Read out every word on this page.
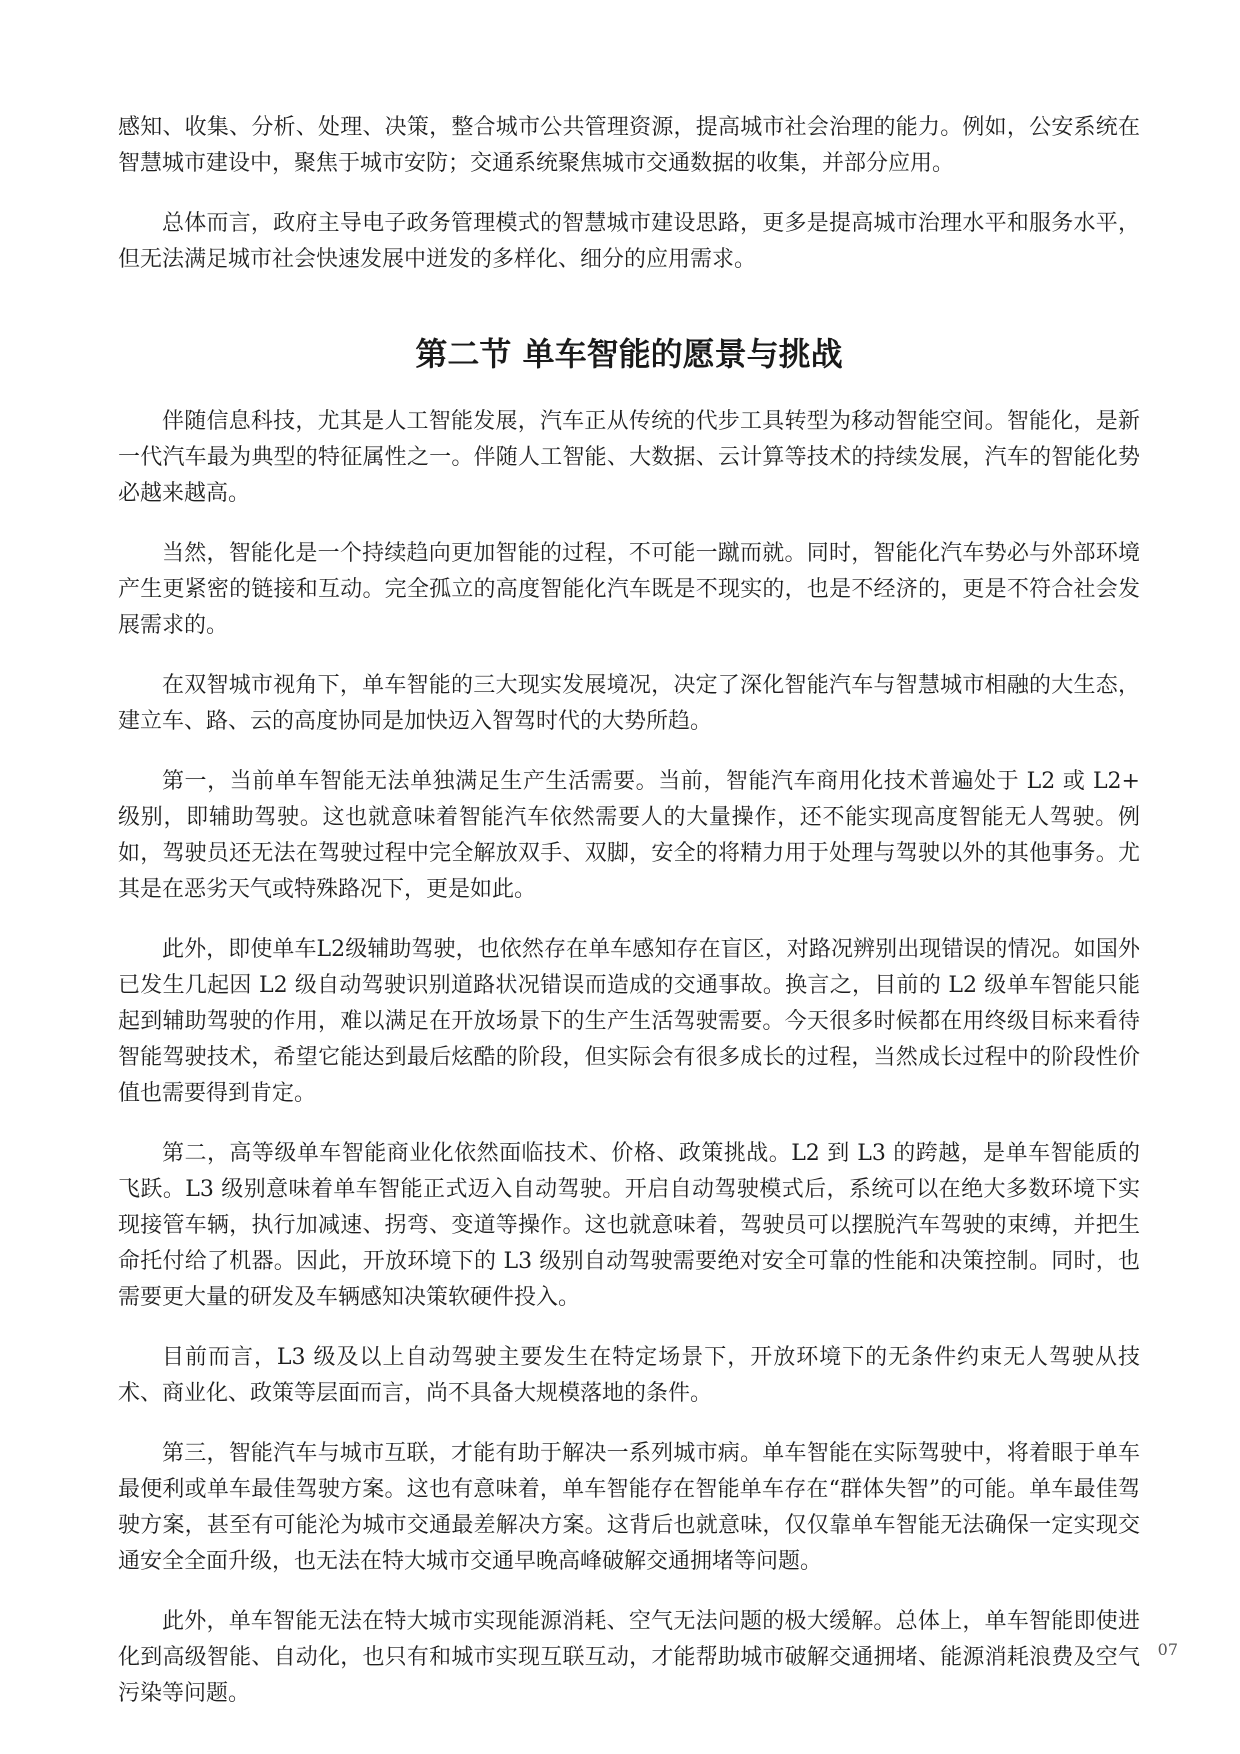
感知、收集、分析、处理、决策，整合城市公共管理资源，提高城市社会治理的能力。例如，公安系统在智慧城市建设中，聚焦于城市安防；交通系统聚焦城市交通数据的收集，并部分应用。

总体而言，政府主导电子政务管理模式的智慧城市建设思路，更多是提高城市治理水平和服务水平，但无法满足城市社会快速发展中迸发的多样化、细分的应用需求。

第二节 单车智能的愿景与挑战

伴随信息科技，尤其是人工智能发展，汽车正从传统的代步工具转型为移动智能空间。智能化，是新一代汽车最为典型的特征属性之一。伴随人工智能、大数据、云计算等技术的持续发展，汽车的智能化势必越来越高。

当然，智能化是一个持续趋向更加智能的过程，不可能一蹴而就。同时，智能化汽车势必与外部环境产生更紧密的链接和互动。完全孤立的高度智能化汽车既是不现实的，也是不经济的，更是不符合社会发展需求的。

在双智城市视角下，单车智能的三大现实发展境况，决定了深化智能汽车与智慧城市相融的大生态，建立车、路、云的高度协同是加快迈入智驾时代的大势所趋。

第一，当前单车智能无法单独满足生产生活需要。当前，智能汽车商用化技术普遍处于 L2 或 L2+ 级别，即辅助驾驶。这也就意味着智能汽车依然需要人的大量操作，还不能实现高度智能无人驾驶。例如，驾驶员还无法在驾驶过程中完全解放双手、双脚，安全的将精力用于处理与驾驶以外的其他事务。尤其是在恶劣天气或特殊路况下，更是如此。

此外，即使单车L2级辅助驾驶，也依然存在单车感知存在盲区，对路况辨别出现错误的情况。如国外已发生几起因 L2 级自动驾驶识别道路状况错误而造成的交通事故。换言之，目前的 L2 级单车智能只能起到辅助驾驶的作用，难以满足在开放场景下的生产生活驾驶需要。今天很多时候都在用终级目标来看待智能驾驶技术，希望它能达到最后炫酷的阶段，但实际会有很多成长的过程，当然成长过程中的阶段性价值也需要得到肯定。

第二，高等级单车智能商业化依然面临技术、价格、政策挑战。L2 到 L3 的跨越，是单车智能质的飞跃。L3 级别意味着单车智能正式迈入自动驾驶。开启自动驾驶模式后，系统可以在绝大多数环境下实现接管车辆，执行加减速、拐弯、变道等操作。这也就意味着，驾驶员可以摆脱汽车驾驶的束缚，并把生命托付给了机器。因此，开放环境下的 L3 级别自动驾驶需要绝对安全可靠的性能和决策控制。同时，也需要更大量的研发及车辆感知决策软硬件投入。

目前而言，L3 级及以上自动驾驶主要发生在特定场景下，开放环境下的无条件约束无人驾驶从技术、商业化、政策等层面而言，尚不具备大规模落地的条件。

第三，智能汽车与城市互联，才能有助于解决一系列城市病。单车智能在实际驾驶中，将着眼于单车最便利或单车最佳驾驶方案。这也有意味着，单车智能存在智能单车存在“群体失智”的可能。单车最佳驾驶方案，甚至有可能沦为城市交通最差解决方案。这背后也就意味，仅仅靠单车智能无法确保一定实现交通安全全面升级，也无法在特大城市交通早晚高峰破解交通拥堵等问题。

此外，单车智能无法在特大城市实现能源消耗、空气无法问题的极大缓解。总体上，单车智能即使进化到高级智能、自动化，也只有和城市实现互联互动，才能帮助城市破解交通拥堵、能源消耗浪费及空气污染等问题。

07
